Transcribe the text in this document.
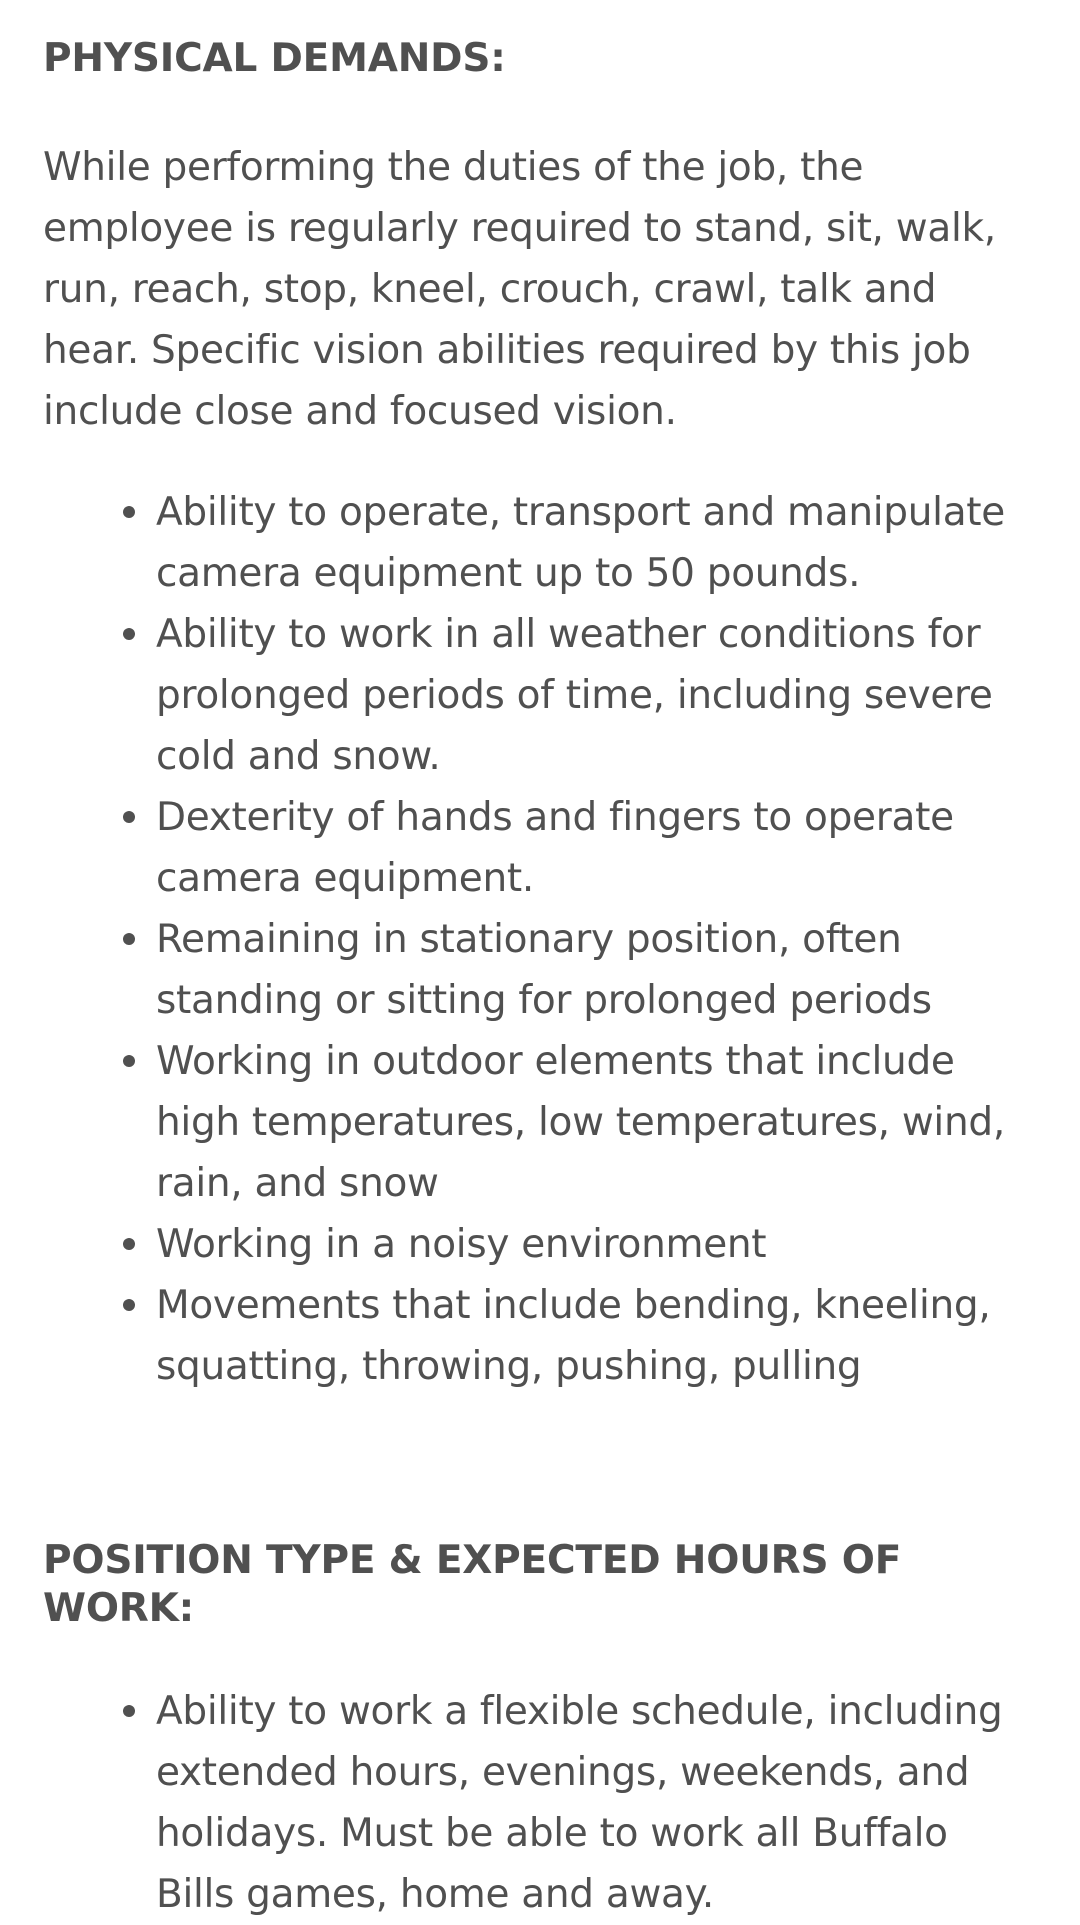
PHYSICAL DEMANDS:

While performing the duties of the job, the employee is regularly required to stand, sit, walk, run, reach, stop, kneel, crouch, crawl, talk and hear. Specific vision abilities required by this job include close and focused vision.

Ability to operate, transport and manipulate camera equipment up to 50 pounds.
Ability to work in all weather conditions for prolonged periods of time, including severe cold and snow.
Dexterity of hands and fingers to operate camera equipment.
Remaining in stationary position, often standing or sitting for prolonged periods
Working in outdoor elements that include high temperatures, low temperatures, wind, rain, and snow
Working in a noisy environment
Movements that include bending, kneeling, squatting, throwing, pushing, pulling
POSITION TYPE & EXPECTED HOURS OF WORK:
Ability to work a flexible schedule, including extended hours, evenings, weekends, and holidays. Must be able to work all Buffalo Bills games, home and away.
